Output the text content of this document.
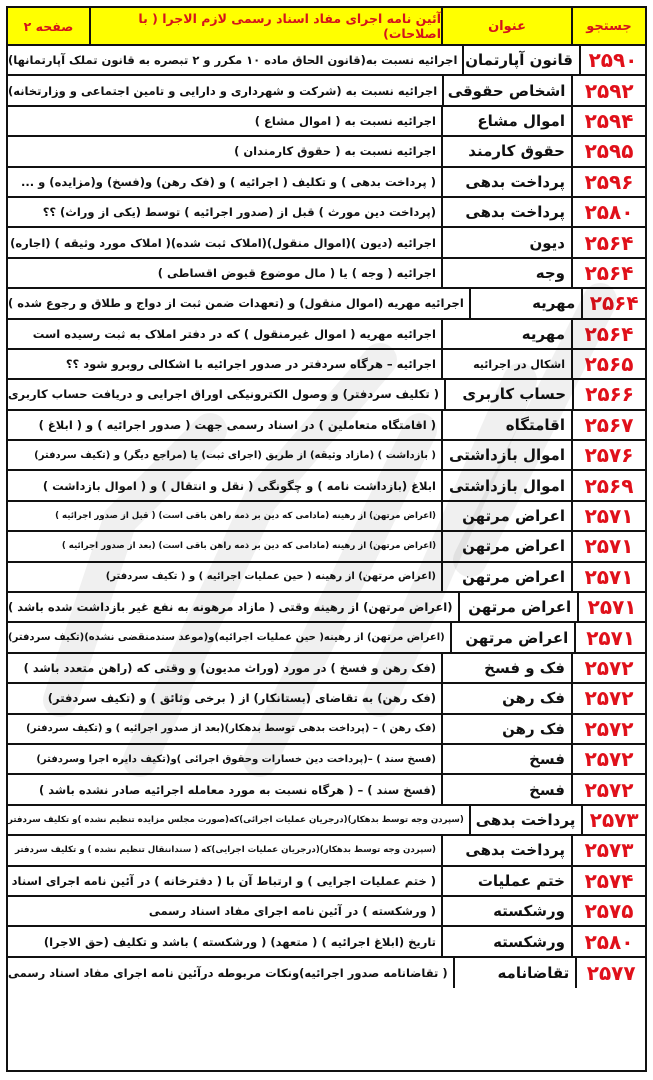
جستجو
عنوان
آئین نامه اجرای مفاد اسناد رسمی لازم الاجرا ( با اصلاحات)
صفحه ۲
۲۵۹۰
قانون آپارتمان
اجرائیه نسبت به(قانون الحاق ماده ۱۰ مکرر و ۲ تبصره به قانون تملک آپارتمانها)
۲۵۹۲
اشخاص حقوقی
اجرائیه نسبت به (شرکت و شهرداری و دارایی و تامین اجتماعی و وزارتخانه)
۲۵۹۴
اموال مشاع
اجرائیه نسبت به ( اموال مشاع )
۲۵۹۵
حقوق کارمند
اجرائیه نسبت به ( حقوق کارمندان )
۲۵۹۶
پرداخت بدهی
( پرداخت بدهی ) و تکلیف ( اجرائیه ) و (فک رهن) و(فسخ) و(مزایده) و ...
۲۵۸۰
پرداخت بدهی
(پرداخت دین مورث ) قبل از (صدور اجرائیه ) توسط (یکی از وراث) ؟؟
۲۵۶۴
دیون
اجرائیه (دیون )(اموال منقول)(املاک ثبت شده)( املاک مورد وثیقه ) (اجاره)
۲۵۶۴
وجه
اجرائیه ( وجه ) یا ( مال موضوع قبوض اقساطی )
۲۵۶۴
مهریه
اجرائیه مهریه (اموال منقول) و (تعهدات ضمن ثبت از دواج و طلاق و رجوع شده )
۲۵۶۴
مهریه
اجرائیه مهریه ( اموال غیرمنقول ) که در دفتر املاک به ثبت رسیده است
۲۵۶۵
اشکال در اجرائیه
اجرائیه – هرگاه سردفتر در صدور اجرائیه با اشکالی روبرو شود ؟؟
۲۵۶۶
حساب کاربری
( تکلیف سردفتر) و وصول الکترونیکی اوراق اجرایی و دریافت حساب کاربری
۲۵۶۷
اقامتگاه
( اقامتگاه متعاملین ) در اسناد رسمی جهت ( صدور اجرائیه ) و ( ابلاغ )
۲۵۷۶
اموال بازداشتی
( بازداشت ) (مازاد وثیقه) از طریق (اجرای ثبت) یا (مراجع دیگر) و (تکیف سردفتر)
۲۵۶۹
اموال بازداشتی
ابلاغ (بازداشت نامه ) و چگونگی ( نقل و انتقال ) و ( اموال بازداشت )
۲۵۷۱
اعراض مرتهن
(اعراض مرتهن) از رهینه (مادامی که دین بر ذمه راهن باقی است) ( قبل از صدور اجرائیه )
۲۵۷۱
اعراض مرتهن
(اعراض مرتهن) از رهینه (مادامی که دین بر ذمه راهن باقی است) (بعد از صدور اجرائیه )
۲۵۷۱
اعراض مرتهن
(اعراض مرتهن) از رهینه ( حین عملیات اجرائیه ) و ( تکیف سردفتر)
۲۵۷۱
اعراض مرتهن
(اعراض مرتهن) از رهینه وقتی ( مازاد مرهونه به نفع غیر بازداشت شده باشد )
۲۵۷۱
اعراض مرتهن
(اعراض مرتهن) از رهینه( حین عملیات اجرائیه)و(موعد سندمنقضی نشده)(تکیف سردفتر)
۲۵۷۲
فک و فسخ
(فک رهن و فسخ ) در مورد (وراث مدیون) و وقتی که (راهن متعدد باشد )
۲۵۷۲
فک رهن
(فک رهن) به تقاضای (بستانکار) از ( برخی وثائق ) و (تکیف سردفتر)
۲۵۷۲
فک رهن
(فک رهن ) – (پرداخت بدهی توسط بدهکار)(بعد از صدور اجرائیه ) و (تکیف سردفتر)
۲۵۷۲
فسخ
(فسخ سند ) –(پرداخت دین خسارات وحقوق اجرائی )و(تکیف دایره اجرا وسردفتر)
۲۵۷۲
فسخ
(فسخ سند ) – ( هرگاه نسبت به مورد معامله اجرائیه صادر نشده باشد )
۲۵۷۳
پرداخت بدهی
(سپردن وجه توسط بدهکار)(درجریان عملیات اجرائی)که(صورت مجلس مزایده تنظیم نشده )و تکلیف سردفتر
۲۵۷۳
پرداخت بدهی
(سپردن وجه توسط بدهکار)(درجریان عملیات اجرایی)که ( سنداننقال تنظیم نشده ) و تکلیف سردفتر
۲۵۷۴
ختم عملیات
( ختم عملیات اجرایی ) و ارتباط آن با ( دفترخانه ) در آئین نامه اجرای اسناد
۲۵۷۵
ورشکسته
( ورشکسته ) در آئین نامه اجرای مفاد اسناد رسمی
۲۵۸۰
ورشکسته
تاریخ (ابلاغ اجرائیه ) ( متعهد) ( ورشکسته ) باشد و تکلیف (حق الاجرا)
۲۵۷۷
تقاضانامه
( تقاضانامه صدور اجرائیه)ونکات مربوطه درآئین نامه اجرای مفاد اسناد رسمی
